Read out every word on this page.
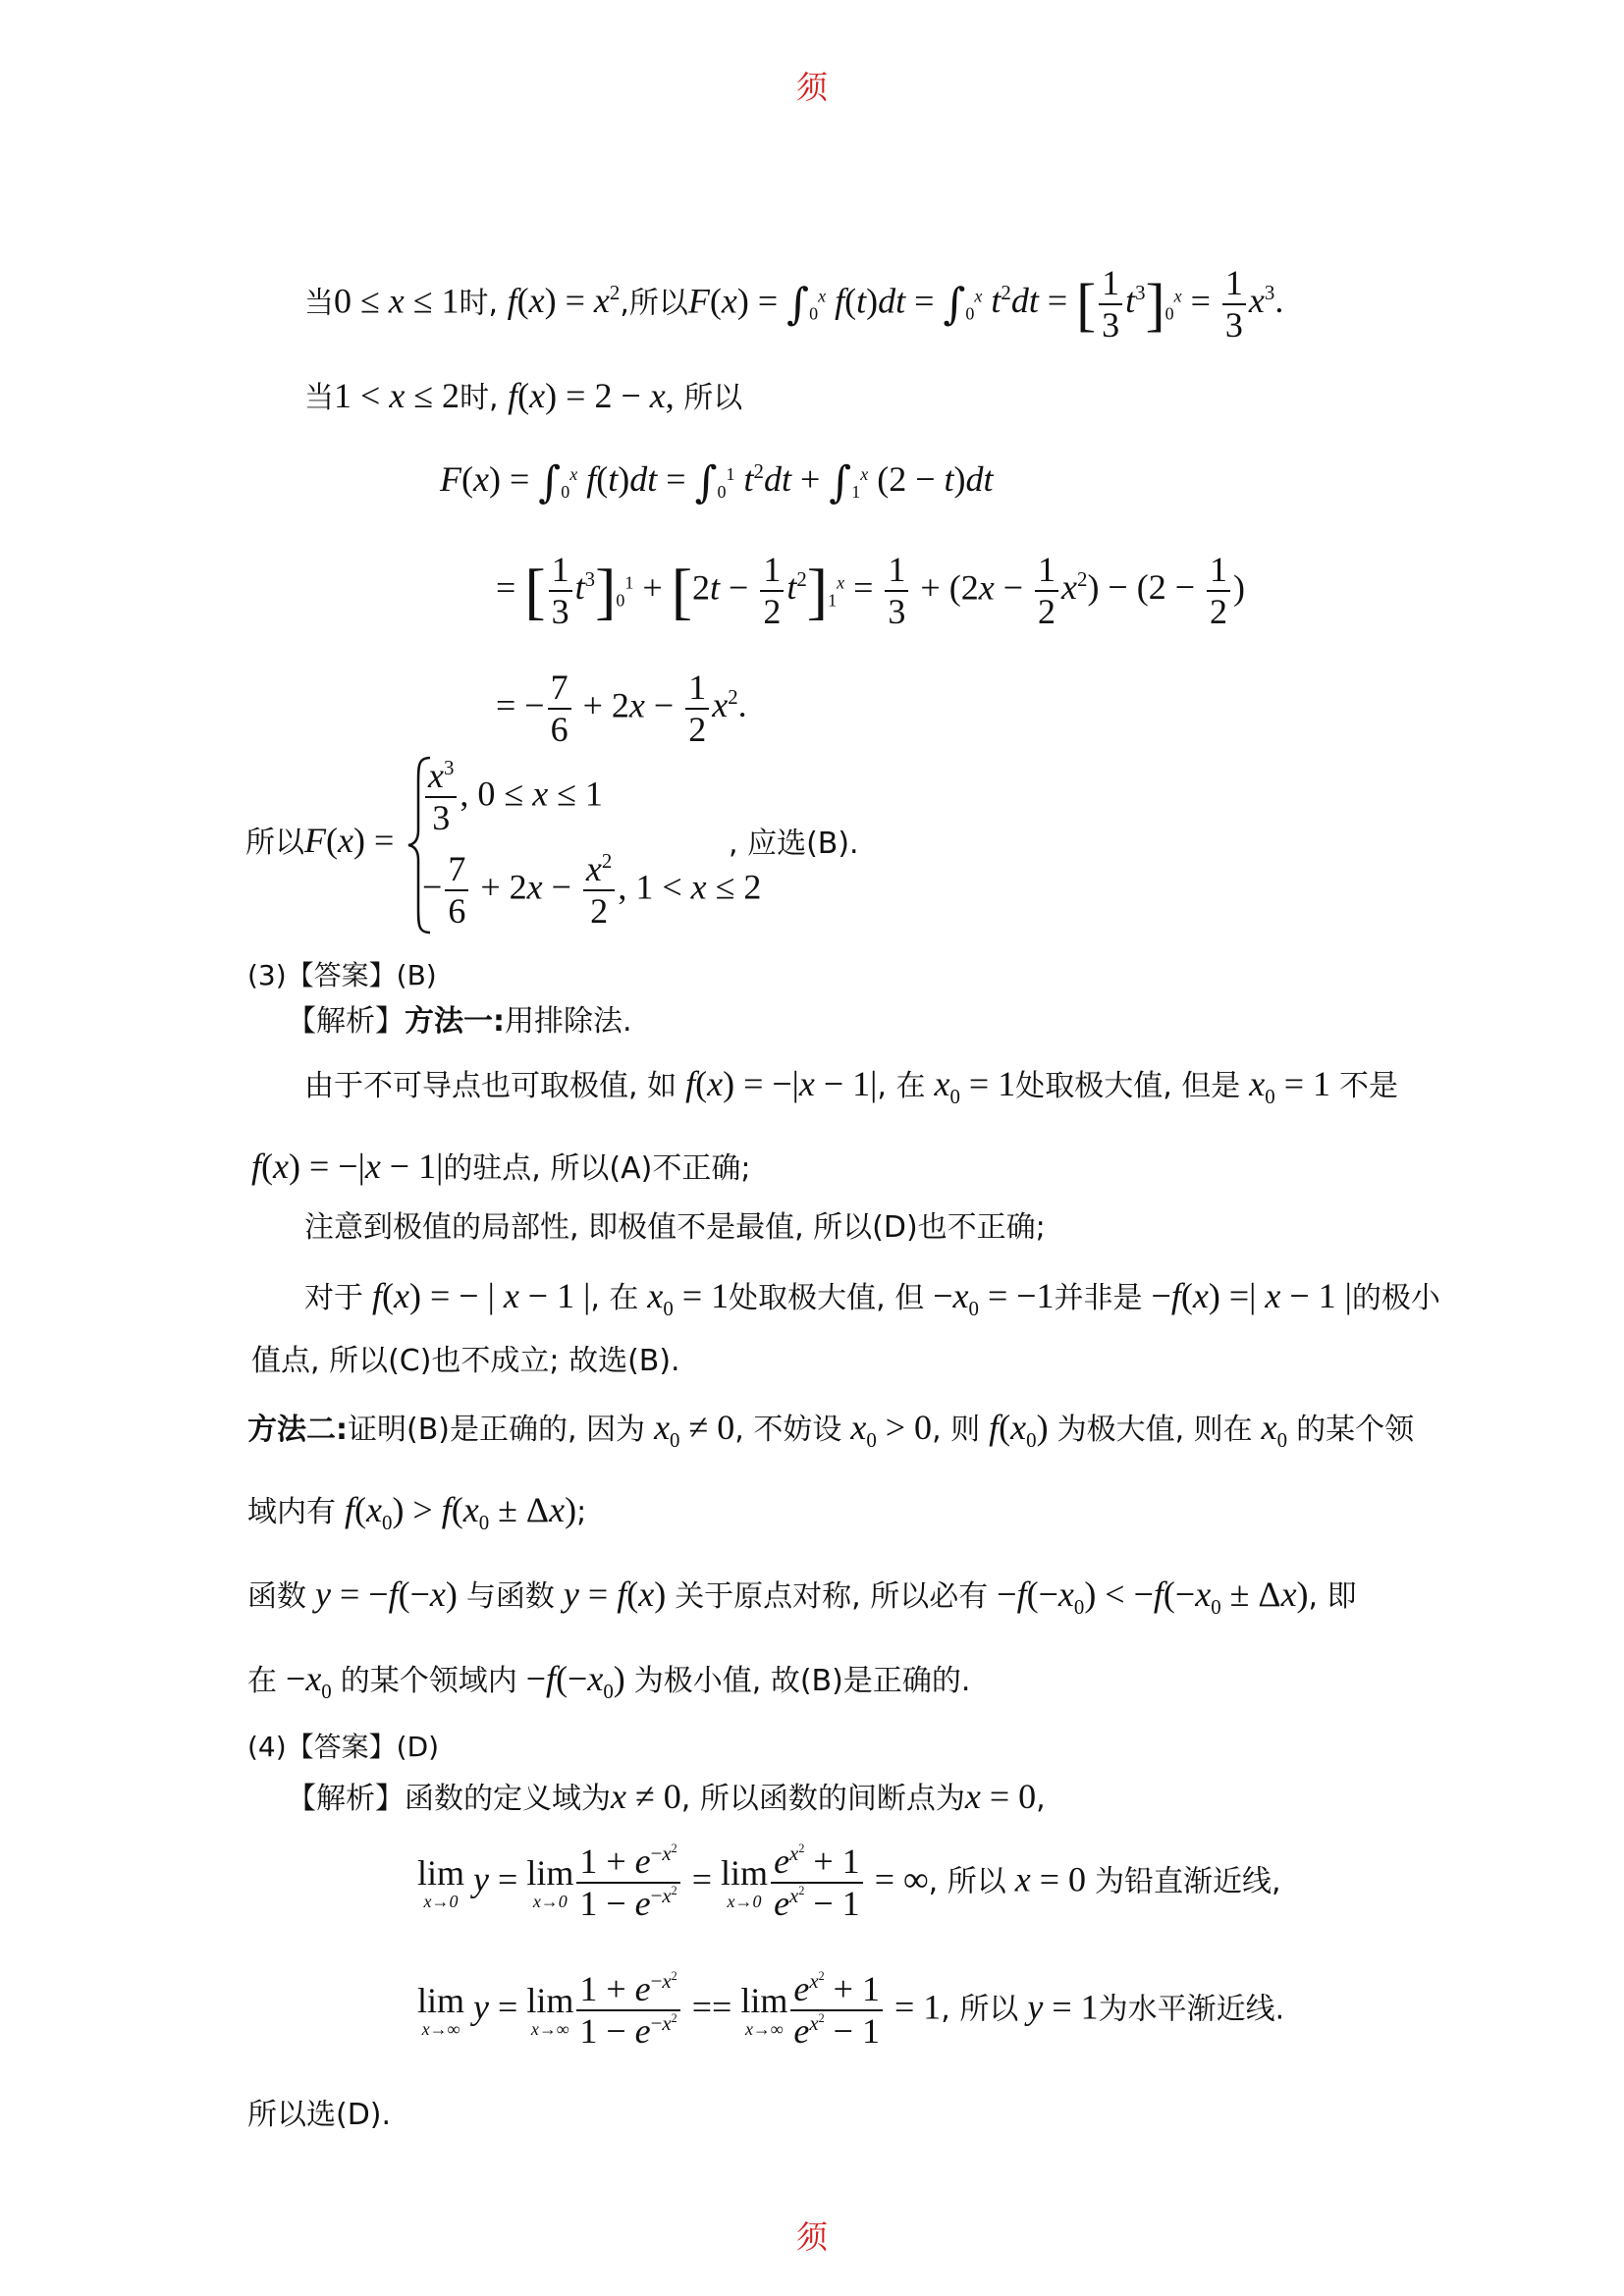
须
当0 ≤ x ≤ 1时, $f(x) = x^2$,所以$F(x) = \int_0^x$ $f(t)dt = \int_0^x$ $t^2dt$ = [ $\frac{1}{3} t^3]_0^x = \frac{1}{3} x^3$.
当1 < x ≤ 2时, f(x) = 2 − x, 所以
$F(x) = \int_0^x$ $f(t)dt = \int_0^1$ $t^2dt + \int_1^x$ (2 − t)dt
= [ $\frac{1}{3} t^3]_0^1 + [2t - \frac{1}{2} t^2]_1^x = \frac{1}{3} + (2x - \frac{1}{2} x^2) - (2 - \frac{1}{2}$ )
= − $\frac{7}{6} + 2x - \frac{1}{2} x^2$.
所以F(x) =
$\frac{x^3}{3}$ , 0 ≤ x ≤ 1
− $\frac{7}{6} + 2x - \frac{x^2}{2}$ , 1 < x ≤ 2
, 应选(B).
(3)【答案】(B)
【解析】方法一:用排除法.
由于不可导点也可取极值, 如 f(x) = −|x − 1|, 在 $x_0 = 1$处取极大值, 但是 $x_0 = 1$ 不是
f(x) = −|x − 1|的驻点, 所以(A)不正确;
注意到极值的局部性, 即极值不是最值, 所以(D)也不正确;
对于 f(x) = − | x − 1 |, 在 $x_0 = 1$处取极大值, 但 $-x_0 = -1$并非是 −f(x) =| x − 1 |的极小
值点, 所以(C)也不成立; 故选(B).
方法二:证明(B)是正确的, 因为 $x_0 \ne 0$, 不妨设 $x_0 > 0$, 则 $f(x_0)$ 为极大值, 则在 $x_0$ 的某个领
域内有 $f(x_0) > f(x_0 \pm \Delta x)$;
函数 y = −f(−x) 与函数 y = f(x) 关于原点对称, 所以必有 $-f(-x_0) < -f(-x_0 \pm \Delta x)$, 即
在 $-x_0$ 的某个领域内 $-f(-x_0)$ 为极小值, 故(B)是正确的.
(4)【答案】(D)
【解析】函数的定义域为x ≠ 0, 所以函数的间断点为x = 0,
lim
x→0
y = lim
$x\to 0 \frac{1 + e^{-x^2}}{1 - e^{-x^2}} = \lim$
$x\to 0 \frac{e^{x^2} + 1}{e^{x^2} - 1}$ = ∞, 所以 x = 0 为铅直渐近线,
lim
x→∞
y = lim
$x\to\infty \frac{1 + e^{-x^2}}{1 - e^{-x^2}} == \lim$
$x\to\infty \frac{e^{x^2} + 1}{e^{x^2} - 1} = 1$, 所以 y = 1为水平渐近线.
所以选(D).
须
